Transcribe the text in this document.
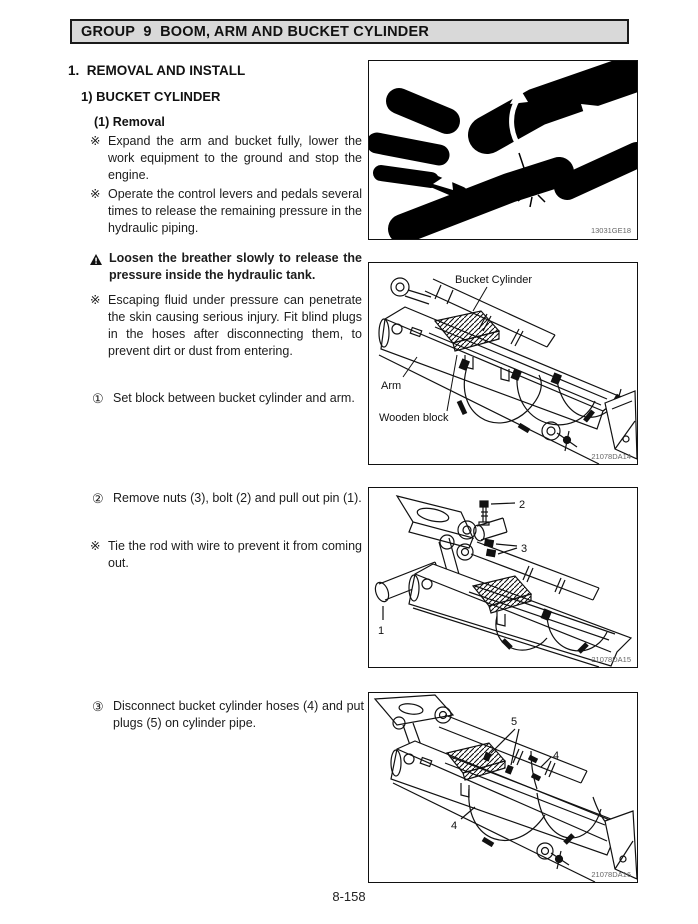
GROUP  9  BOOM, ARM AND BUCKET CYLINDER
1.  REMOVAL AND INSTALL
1) BUCKET CYLINDER
(1) Removal
※ Expand the arm and bucket fully, lower the work equipment to the ground and stop the engine.

※ Operate the control levers and pedals several times to release the remaining pressure in the hydraulic piping.

Loosen the breather slowly to release the pressure inside the hydraulic tank.

※ Escaping fluid under pressure can penetrate the skin causing serious injury. Fit blind plugs in the hoses after disconnecting them, to prevent dirt or dust from entering.

① Set block between bucket cylinder and arm.

② Remove nuts (3), bolt (2) and pull out pin (1).

※ Tie the rod with wire to prevent it from coming out.

③ Disconnect bucket cylinder hoses (4) and put plugs (5) on cylinder pipe.

13031GE18
Bucket Cylinder
Arm
Wooden block
21078DA14
1
2
3
21078DA15
5
4
4
21078DA16
8-158
